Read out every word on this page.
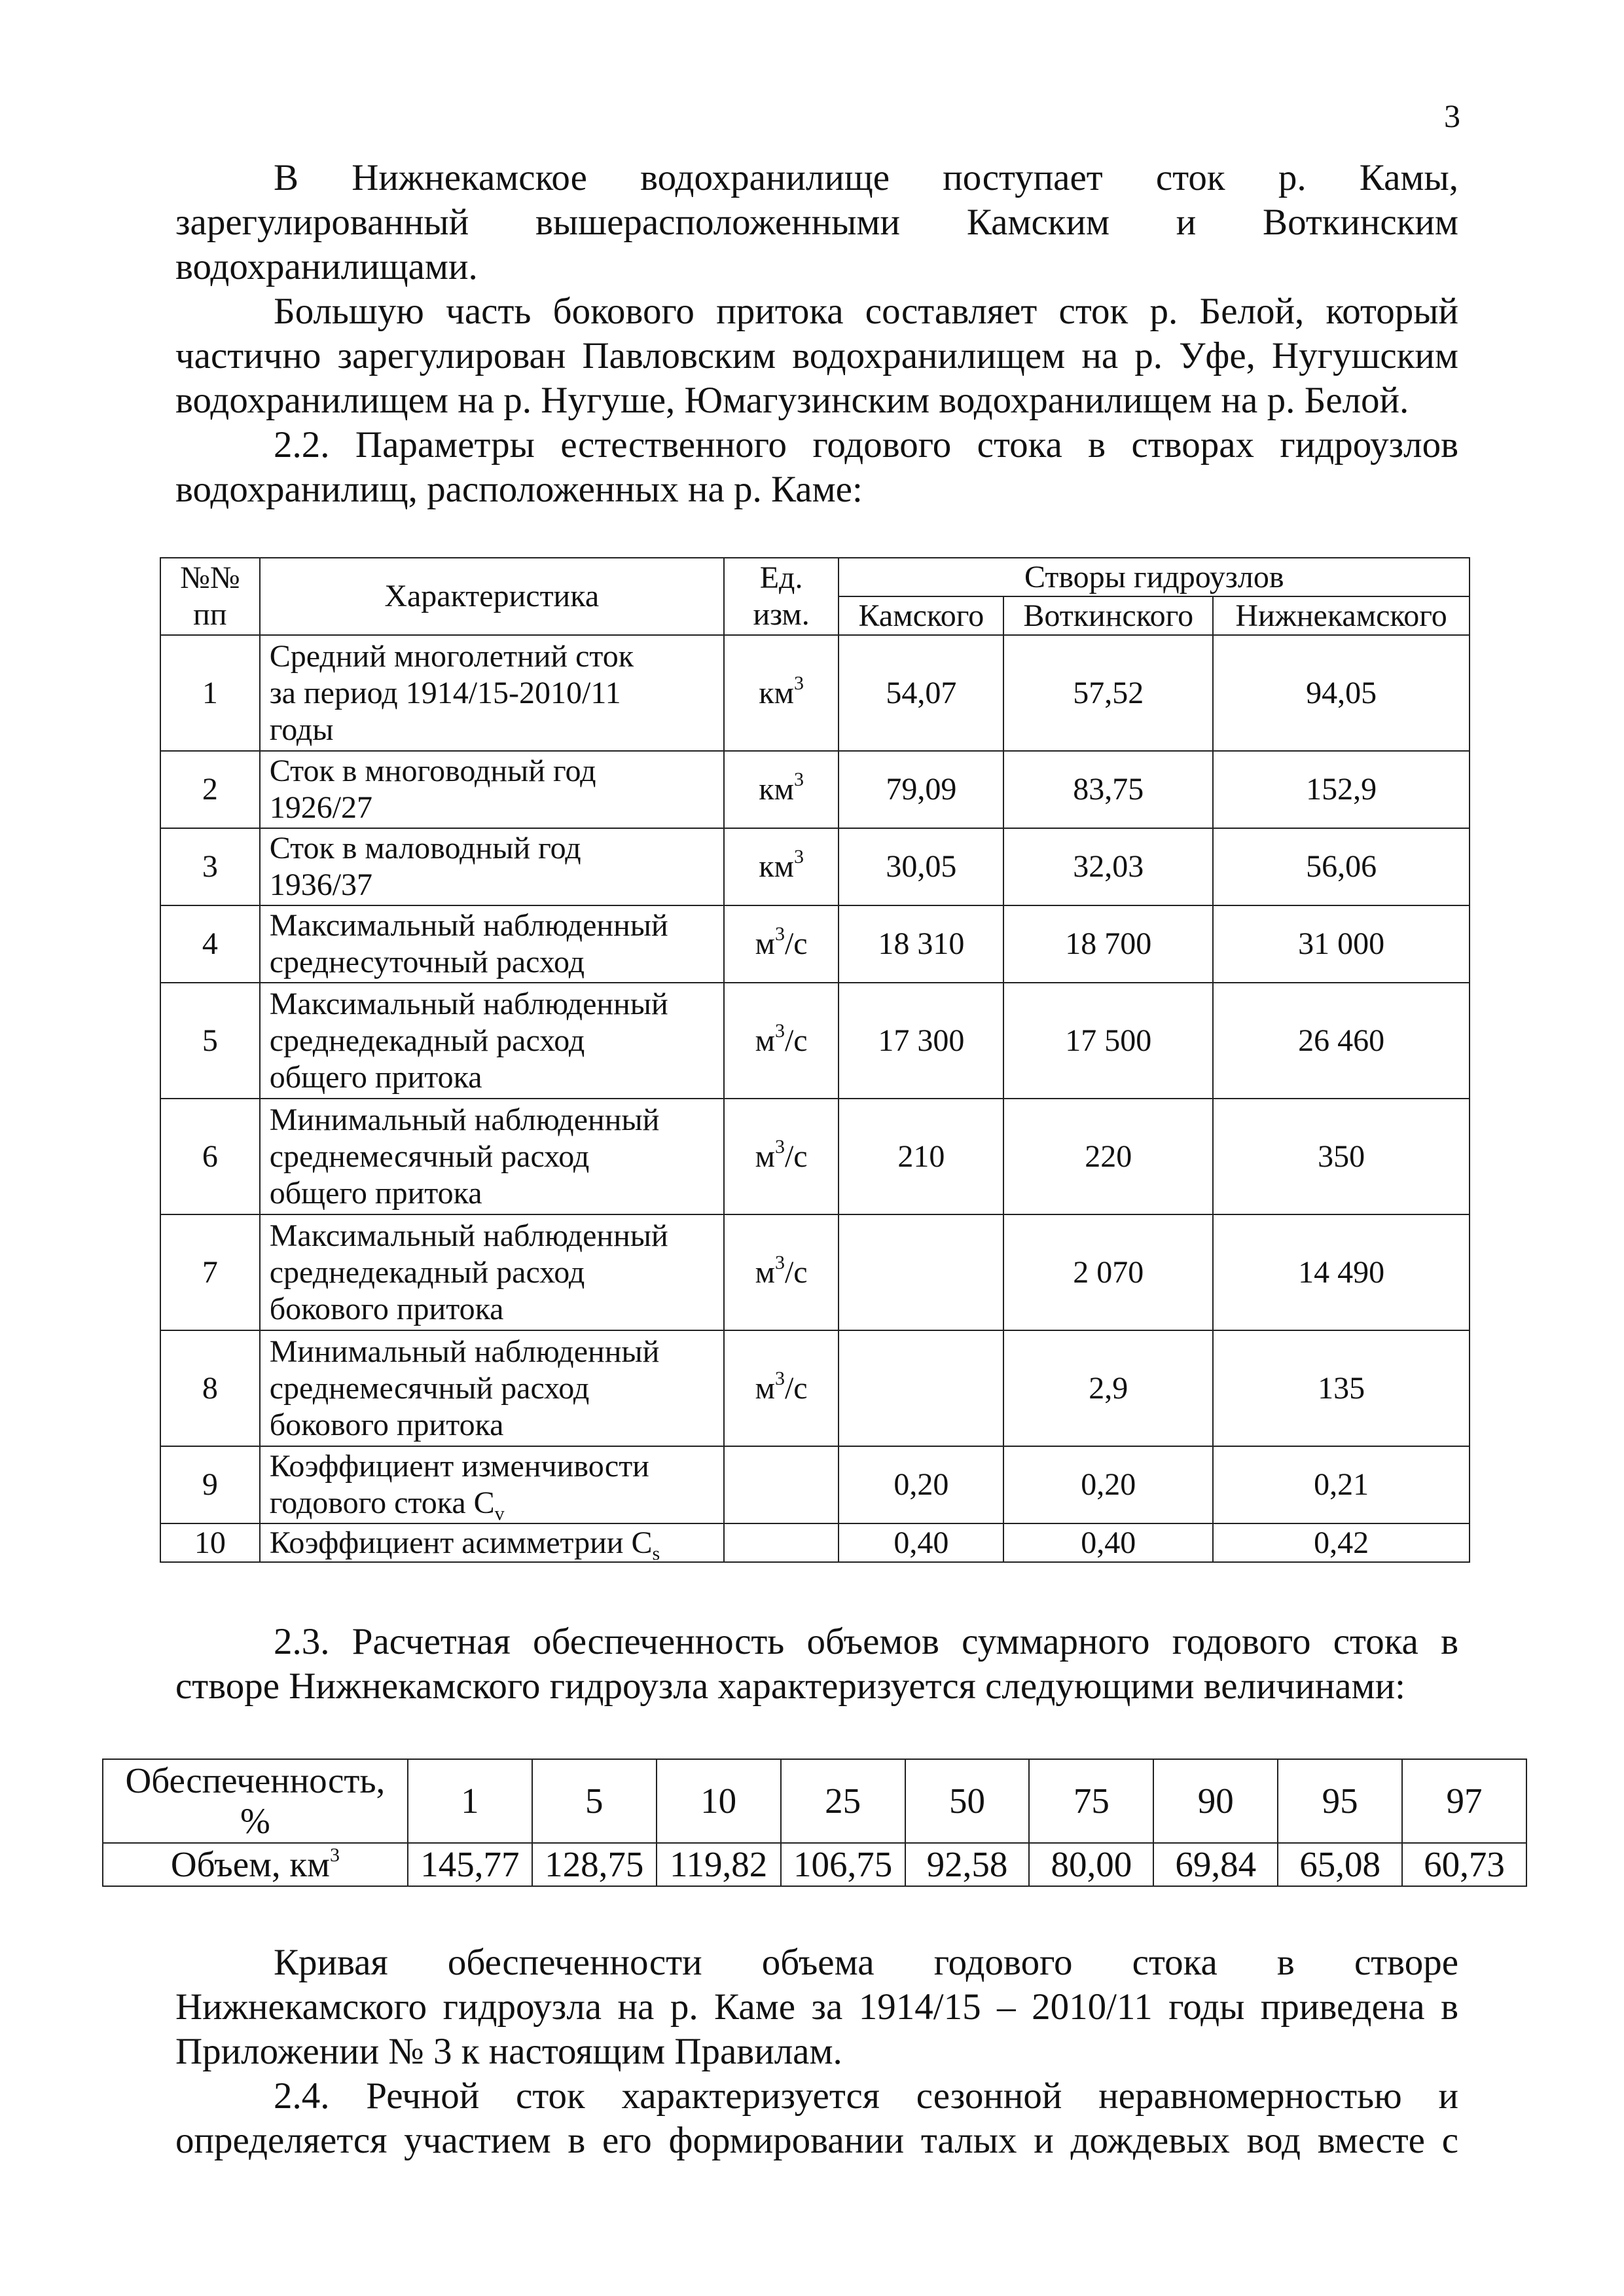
3
В Нижнекамское водохранилище поступает сток р. Камы,
зарегулированный вышерасположенными Камским и Воткинским
водохранилищами.
Большую часть бокового притока составляет сток р. Белой, который
частично зарегулирован Павловским водохранилищем на р. Уфе, Нугушским
водохранилищем на р. Нугуше, Юмагузинским водохранилищем на р. Белой.
2.2. Параметры естественного годового стока в створах гидроузлов
водохранилищ, расположенных на р. Каме:
№№
пп	Характеристика	Ед.
изм.	Створы гидроузлов		
			Камского	Воткинского	Нижнекамского
1	Средний многолетний сток
за период 1914/15-2010/11
годы	$км^3$	54,07	57,52	94,05
2	Сток в многоводный год
1926/27	$км^3$	79,09	83,75	152,9
3	Сток в маловодный год
1936/37	$км^3$	30,05	32,03	56,06
4	Максимальный наблюденный
среднесуточный расход	$м^3/с$	18 310	18 700	31 000
5	Максимальный наблюденный
среднедекадный расход
общего притока	$м^3/с$	17 300	17 500	26 460
6	Минимальный наблюденный
среднемесячный расход
общего притока	$м^3/с$	210	220	350
7	Максимальный наблюденный
среднедекадный расход
бокового притока	$м^3/с$		2 070	14 490
8	Минимальный наблюденный
среднемесячный расход
бокового притока	$м^3/с$		2,9	135
9	Коэффициент изменчивости
годового стока $C_v$		0,20	0,20	0,21
10	Коэффициент асимметрии $C_s$		0,40	0,40	0,42
2.3. Расчетная обеспеченность объемов суммарного годового стока в
створе Нижнекамского гидроузла характеризуется следующими величинами:
Обеспеченность,
%	1	5	10	25	50	75	90	95	97
Объем, $км^3$	145,77	128,75	119,82	106,75	92,58	80,00	69,84	65,08	60,73
Кривая обеспеченности объема годового стока в створе
Нижнекамского гидроузла на р. Каме за 1914/15 – 2010/11 годы приведена в
Приложении № 3 к настоящим Правилам.
2.4. Речной сток характеризуется сезонной неравномерностью и
определяется участием в его формировании талых и дождевых вод вместе с
